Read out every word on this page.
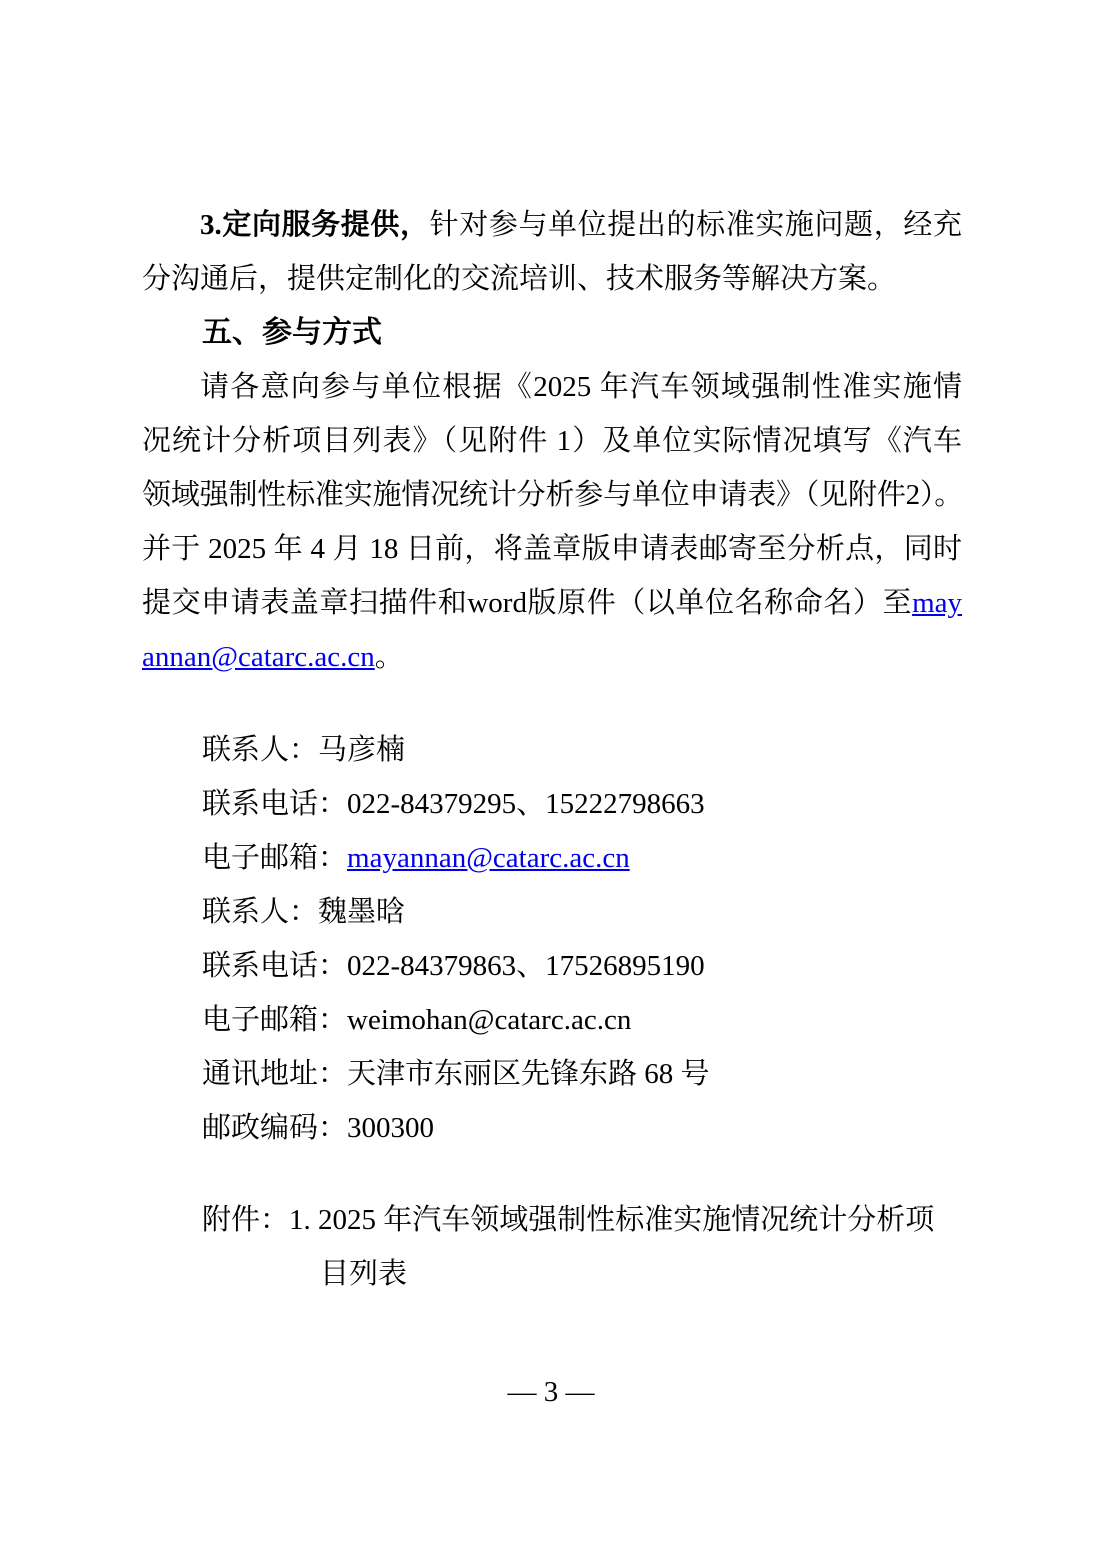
3.定向服务提供，针对参与单位提出的标准实施问题，经充
分沟通后，提供定制化的交流培训、技术服务等解决方案。
五、参与方式
请各意向参与单位根据《2025 年汽车领域强制性准实施情
况统计分析项目列表》（见附件 1）及单位实际情况填写《汽车
领域强制性标准实施情况统计分析参与单位申请表》（见附件2）。
并于 2025 年 4 月 18 日前，将盖章版申请表邮寄至分析点，同时
提交申请表盖章扫描件和word版原件（以单位名称命名）至may
annan@catarc.ac.cn。
联系人：马彦楠
联系电话：022-84379295、15222798663
电子邮箱：mayannan@catarc.ac.cn
联系人：魏墨晗
联系电话：022-84379863、17526895190
电子邮箱：weimohan@catarc.ac.cn
通讯地址：天津市东丽区先锋东路 68 号
邮政编码：300300
附件：1. 2025 年汽车领域强制性标准实施情况统计分析项
目列表
— 3 —
